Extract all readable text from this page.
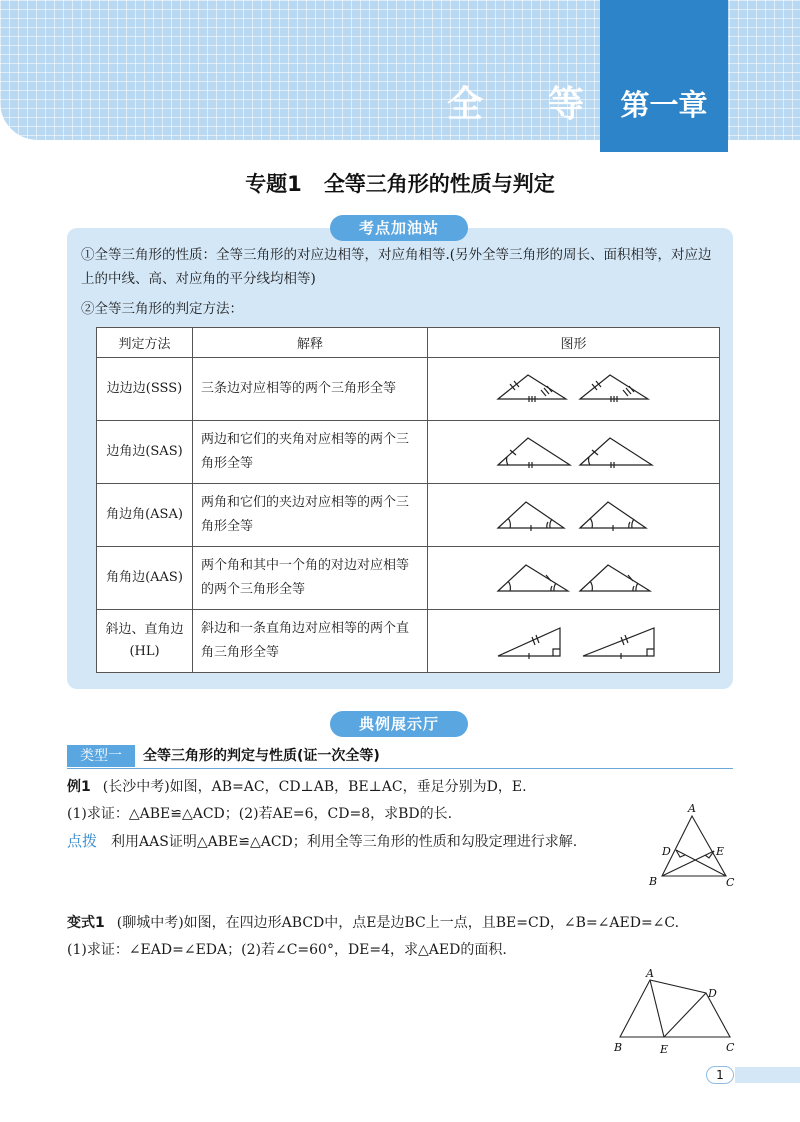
全 等	第一章
专题1 全等三角形的性质与判定
考点加油站
①全等三角形的性质：全等三角形的对应边相等，对应角相等.(另外全等三角形的周长、面积相等，对应边上的中线、高、对应角的平分线均相等)
②全等三角形的判定方法：
判定方法	解释	图形
边边边(SSS)	三条边对应相等的两个三角形全等	

边角边(SAS)	两边和它们的夹角对应相等的两个三角形全等	

角边角(ASA)	两角和它们的夹边对应相等的两个三角形全等	

角角边(AAS)	两个角和其中一个角的对边对应相等的两个三角形全等	

斜边、直角边(HL)	斜边和一条直角边对应相等的两个直角三角形全等	
典例展示厅
类型一	全等三角形的判定与性质(证一次全等)
例1 (长沙中考)如图，AB=AC，CD⊥AB，BE⊥AC，垂足分别为D，E.
(1)求证：△ABE≌△ACD；(2)若AE=6，CD=8，求BD的长.
点拨 利用AAS证明△ABE≌△ACD；利用全等三角形的性质和勾股定理进行求解.
A
B	C
D	E
变式1 (聊城中考)如图，在四边形ABCD中，点E是边BC上一点，且BE=CD，∠B=∠AED=∠C.
(1)求证：∠EAD=∠EDA；(2)若∠C=60°，DE=4，求△AED的面积.
A
B	C
D
E
1
